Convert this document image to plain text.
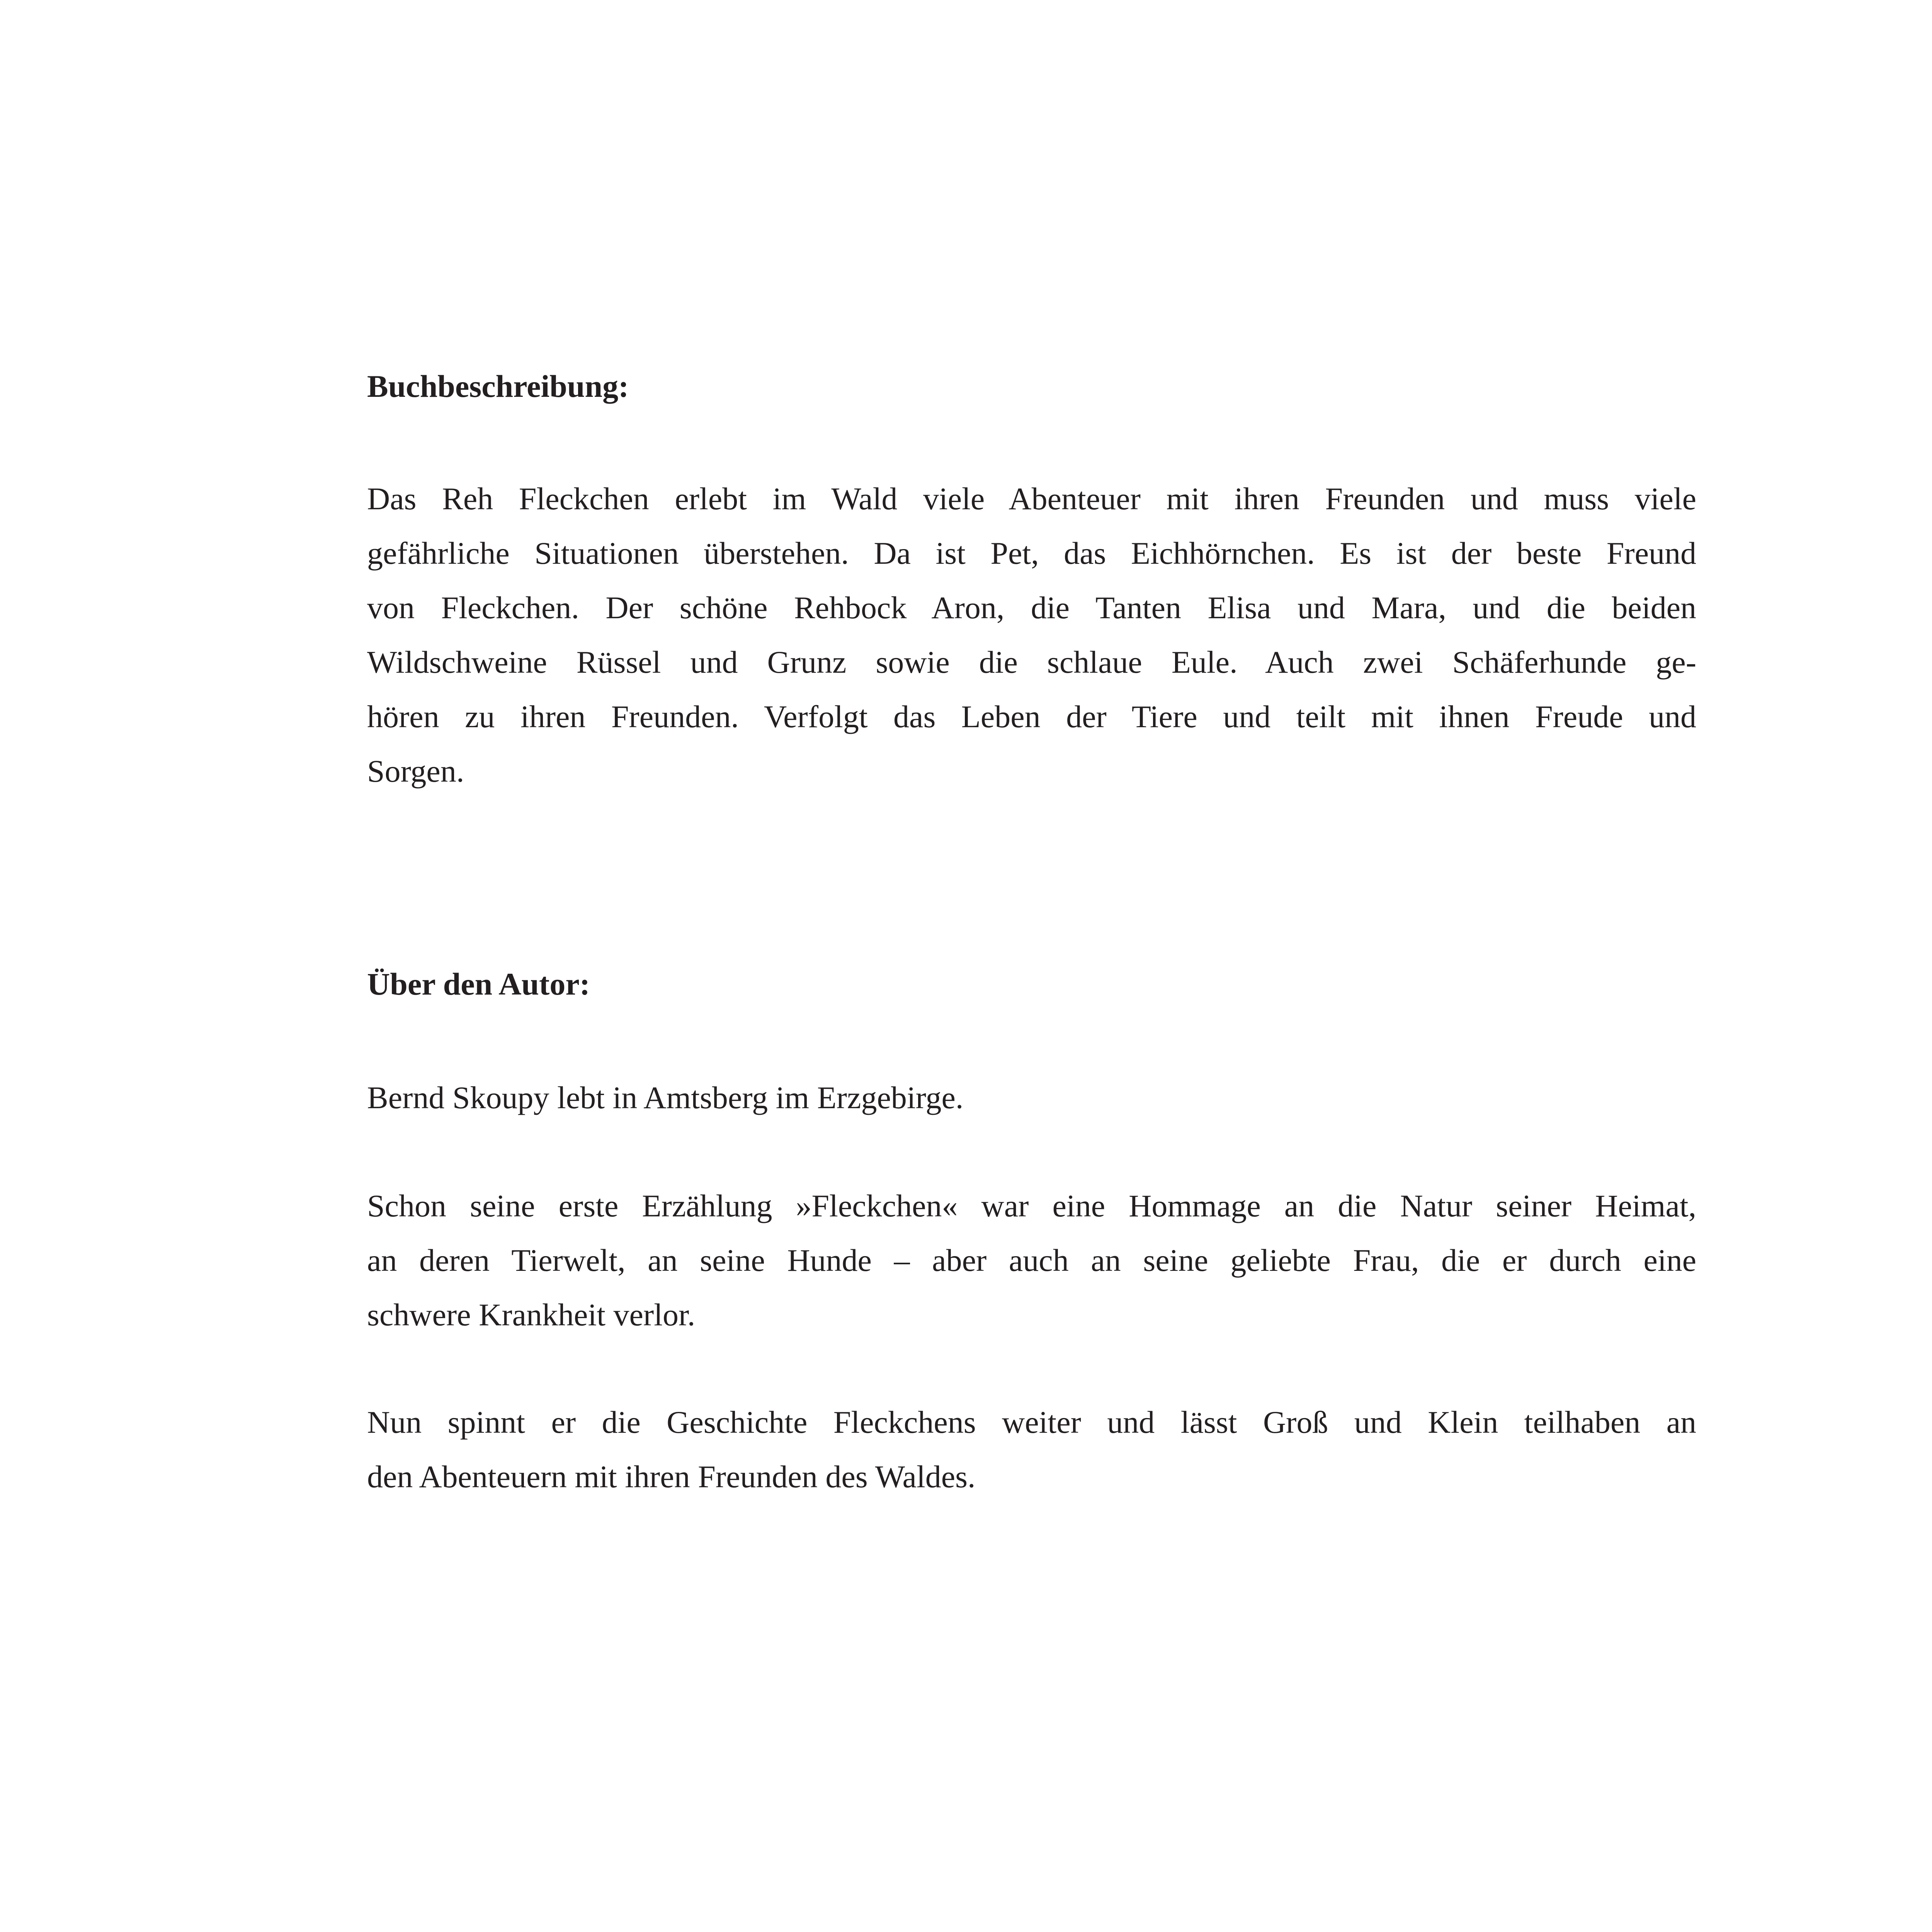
Buchbeschreibung:
Das Reh Fleckchen erlebt im Wald viele Abenteuer mit ihren Freunden und muss viele
gefährliche Situationen überstehen. Da ist Pet, das Eichhörnchen. Es ist der beste Freund
von Fleckchen. Der schöne Rehbock Aron, die Tanten Elisa und Mara, und die beiden
Wildschweine Rüssel und Grunz sowie die schlaue Eule. Auch zwei Schäferhunde ge-
hören zu ihren Freunden. Verfolgt das Leben der Tiere und teilt mit ihnen Freude und
Sorgen.
Über den Autor:
Bernd Skoupy lebt in Amtsberg im Erzgebirge.
Schon seine erste Erzählung »Fleckchen« war eine Hommage an die Natur seiner Heimat,
an deren Tierwelt, an seine Hunde – aber auch an seine geliebte Frau, die er durch eine
schwere Krankheit verlor.
Nun spinnt er die Geschichte Fleckchens weiter und lässt Groß und Klein teilhaben an
den Abenteuern mit ihren Freunden des Waldes.
